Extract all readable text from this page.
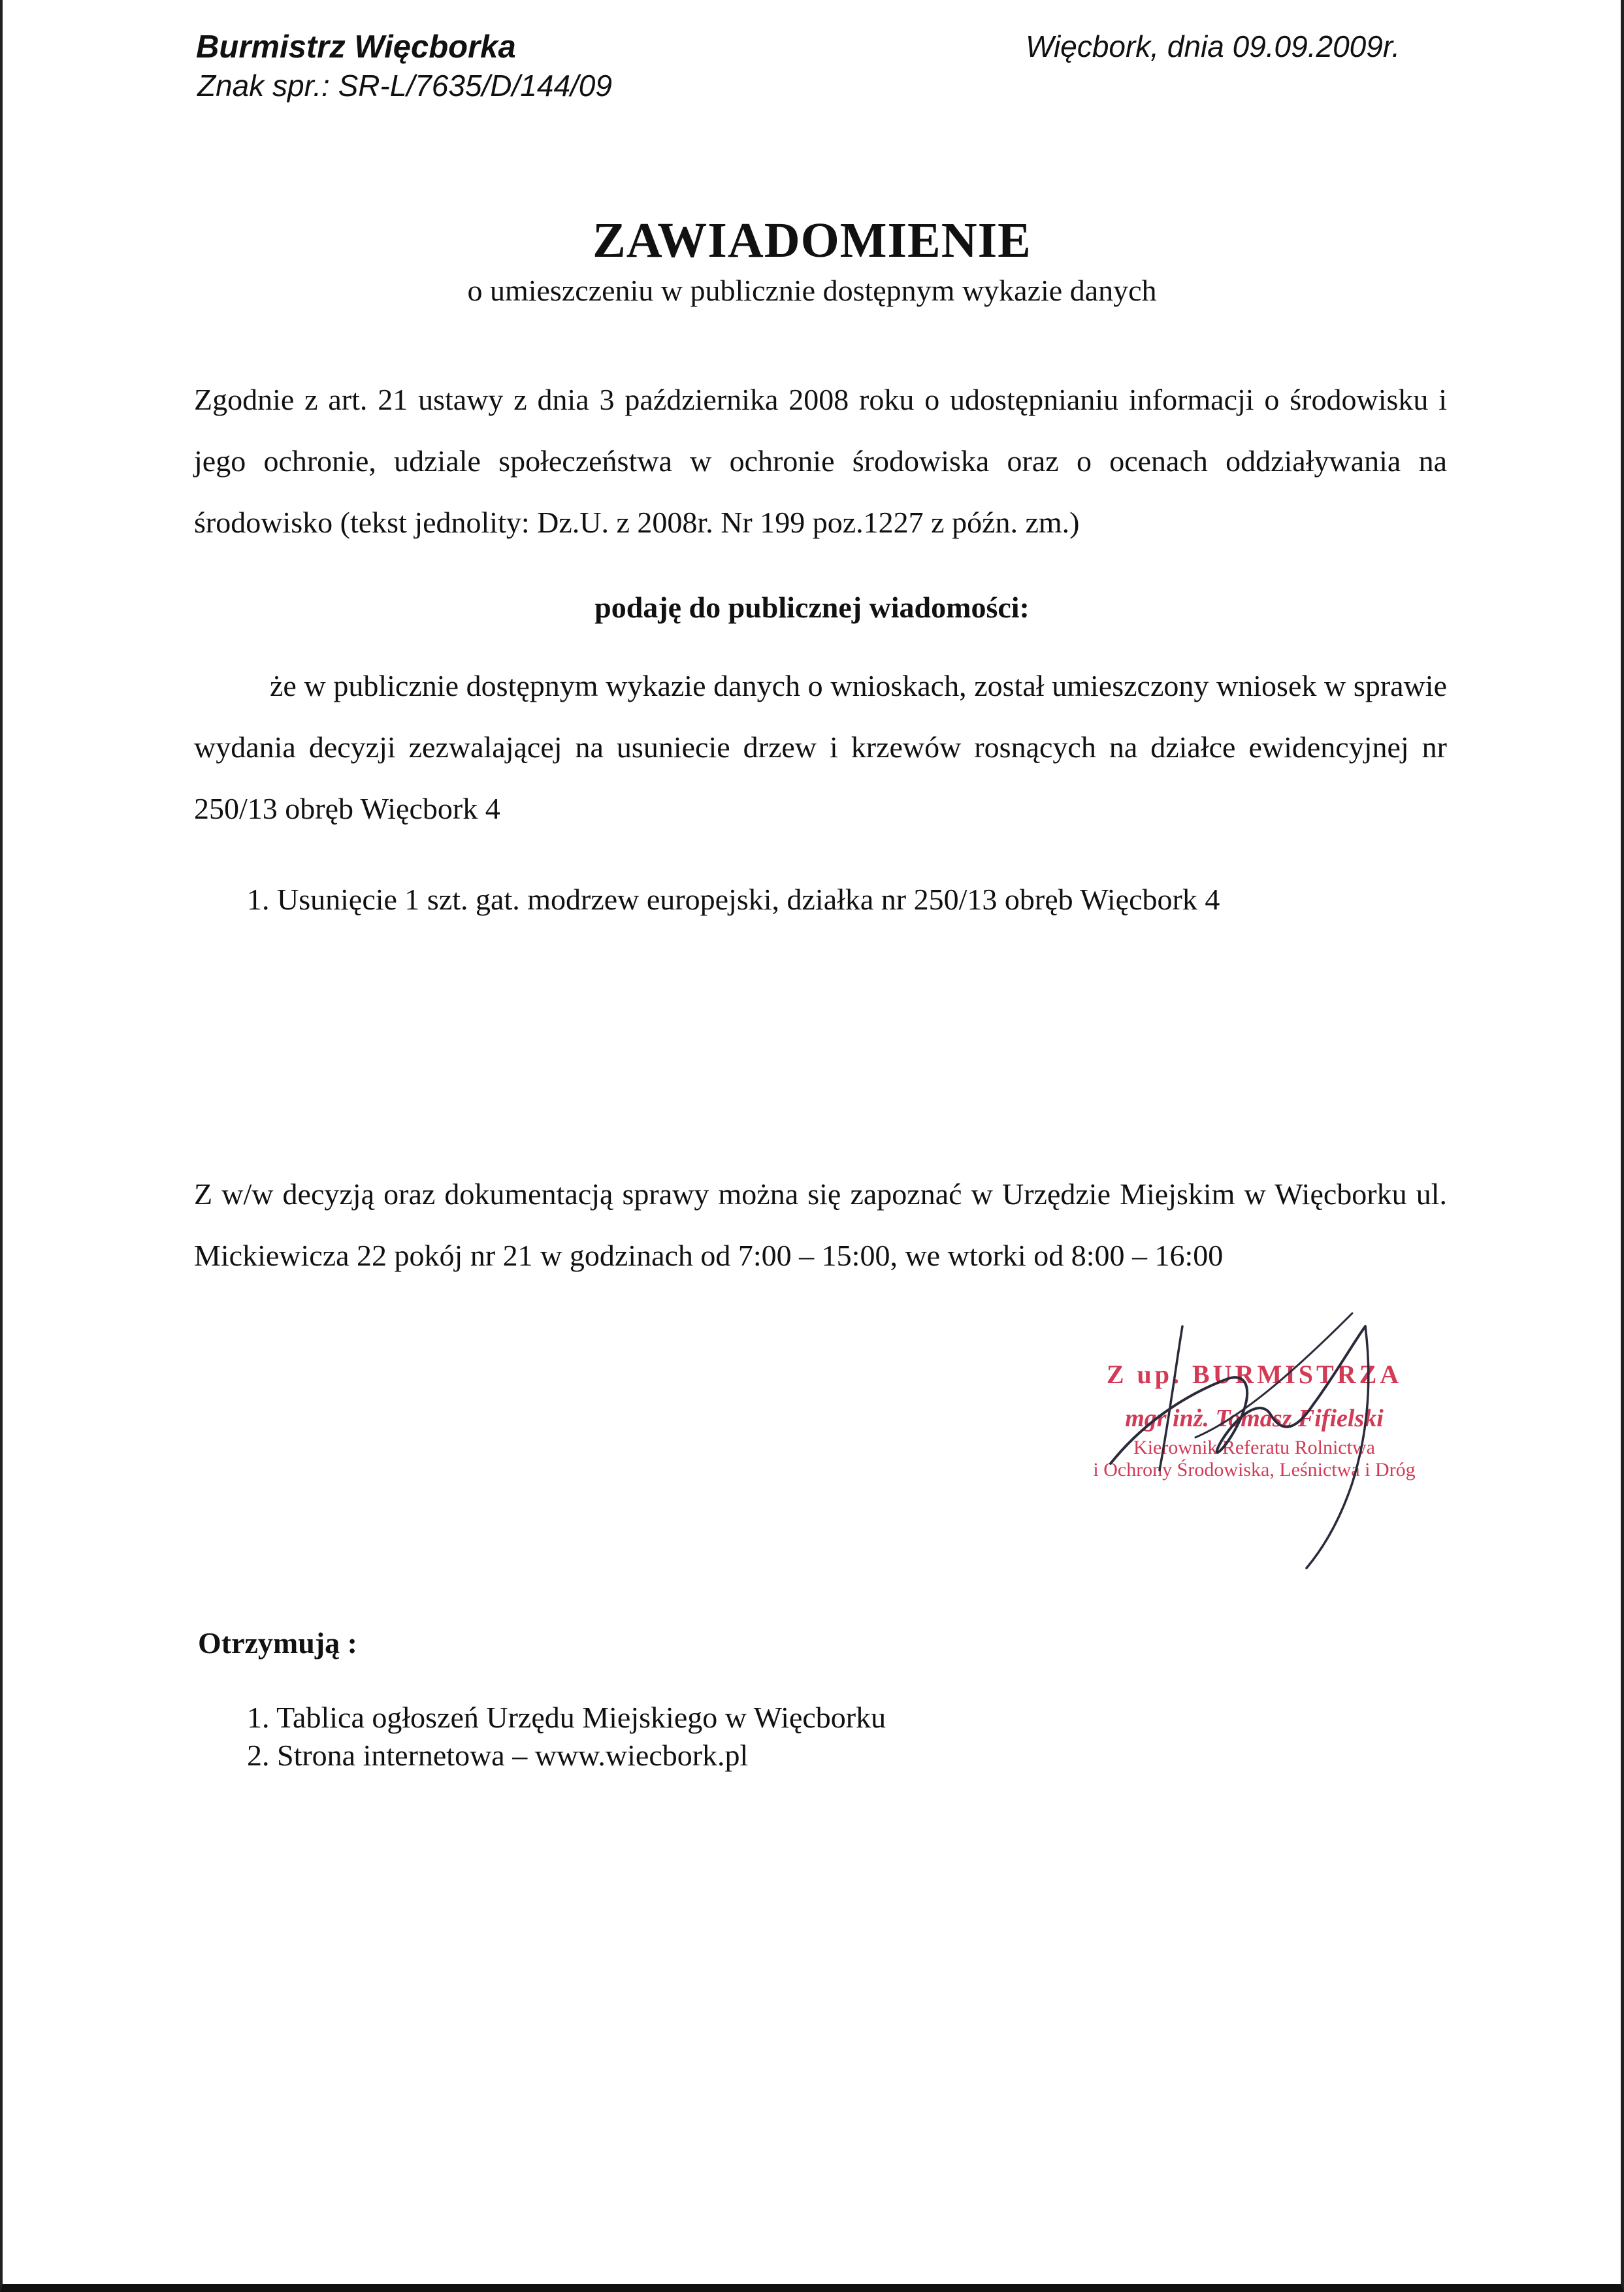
Burmistrz Więcborka
Znak spr.: SR-L/7635/D/144/09
Więcbork, dnia 09.09.2009r.
ZAWIADOMIENIE
o umieszczeniu w publicznie dostępnym wykazie danych
Zgodnie z art. 21 ustawy z dnia 3 października 2008 roku o udostępnianiu informacji o środowisku i jego ochronie, udziale społeczeństwa w ochronie środowiska oraz o ocenach oddziaływania na środowisko (tekst jednolity: Dz.U. z 2008r. Nr 199 poz.1227 z późn. zm.)
podaję do publicznej wiadomości:
że w publicznie dostępnym wykazie danych o wnioskach, został umieszczony wniosek w sprawie wydania decyzji zezwalającej na usuniecie drzew i krzewów rosnących na działce ewidencyjnej nr 250/13 obręb Więcbork 4
1. Usunięcie 1 szt. gat. modrzew europejski, działka nr 250/13 obręb Więcbork 4
Z w/w decyzją oraz dokumentacją sprawy można się zapoznać w Urzędzie Miejskim w Więcborku ul. Mickiewicza 22 pokój nr 21 w godzinach od 7:00 – 15:00, we wtorki od 8:00 – 16:00
Z up. BURMISTRZA
mgr inż. Tomasz Fifielski
Kierownik Referatu Rolnictwa
i Ochrony Środowiska, Leśnictwa i Dróg
Otrzymują :
1. Tablica ogłoszeń Urzędu Miejskiego w Więcborku
2. Strona internetowa – www.wiecbork.pl
